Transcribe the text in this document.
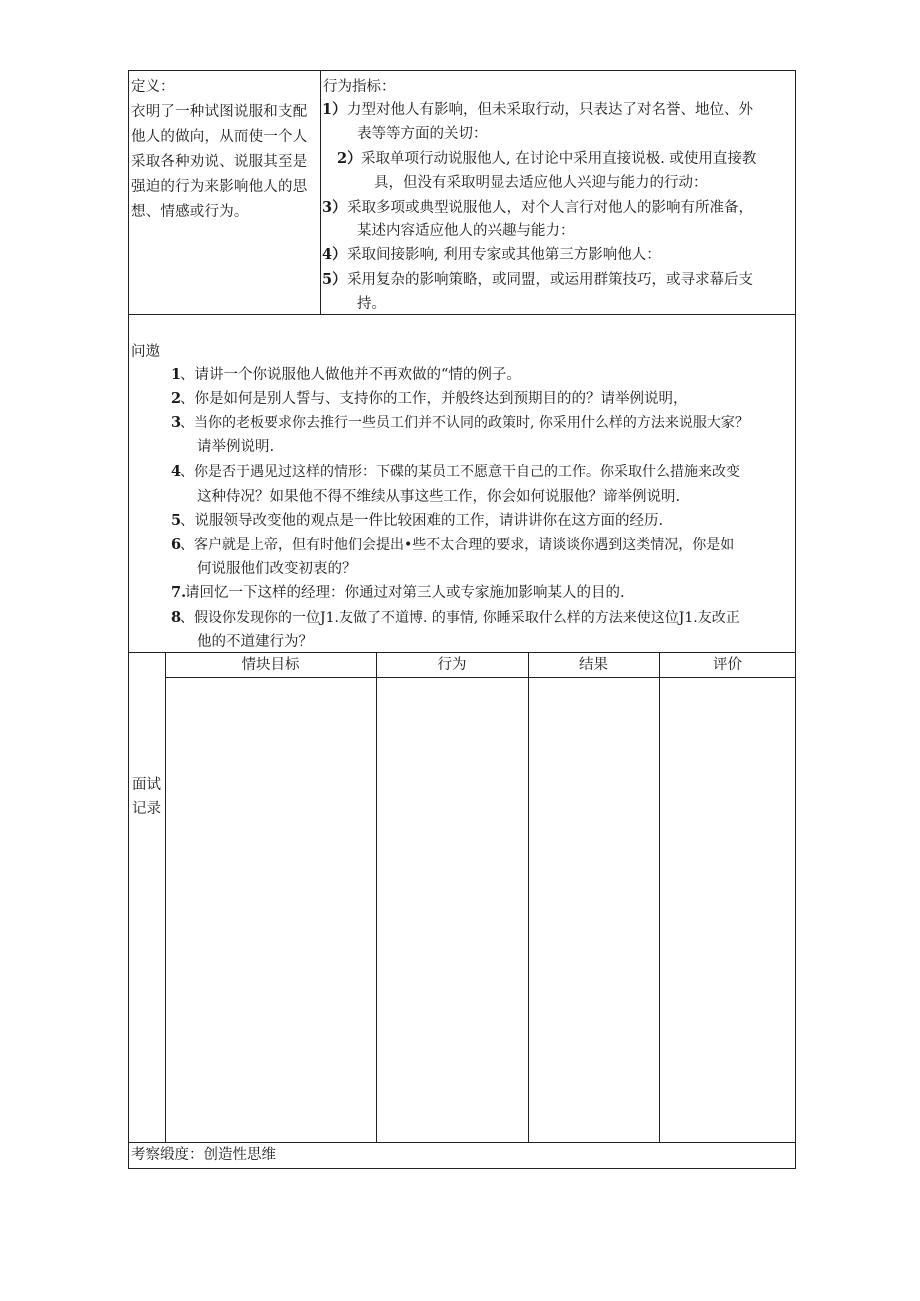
定义：
衣明了一种试图说服和支配他人的做向，从而使一个人采取各种劝说、说服其至是强迫的行为来影响他人的思想、情感或行为。
行为指标：
1） 力型对他人有影响，但未采取行动，只表达了对名誉、地位、外
表等等方面的关切：
2） 采取单项行动说服他人, 在讨论中采用直接说极. 或使用直接教
具，但没有采取明显去适应他人兴迎与能力的行动：
3） 采取多项或典型说服他人，对个人言行对他人的影响有所准备，
某述内容适应他人的兴趣与能力：
4） 采取间接影响, 利用专家或其他第三方影响他人：
5） 采用复杂的影响策略，或同盟，或运用群策技巧，或寻求幕后支
持。
问遨
1
、请讲一个你说服他人做他并不再欢做的“情的例子。
2
、你是如何是别人誓与、支持你的工作，并般终达到预期目的的？请举例说明，
3
、当你的老板要求你去推行一些员工们并不认同的政策时, 你采用什么样的方法来说服大家？
请举例说明.
4
、你是否于遇见过这样的情形：下碟的某员工不愿意干自己的工作。你采取什么措施来改变
这种侍况？如果他不得不维续从事这些工作，你会如何说服他？谛举例说明.
5
、说服领导改变他的观点是一件比较困难的工作，请讲讲你在这方面的经历.
6
、客户就是上帝，但有时他们会提出•些不太合理的要求，请谈谈你遇到这类情况，你是如
何说服他们改变初衷的？
7.
请回忆一下这样的经理：你通过对第三人或专家施加影响某人的目的.
8
、假设你发现你的一位J1.友做了不道博. 的事情, 你睡采取什么样的方法来使这位J1.友改正
他的不道建行为？
面试
记录
情块目标	行为	结果	评价
考察缎度：创造性思维
